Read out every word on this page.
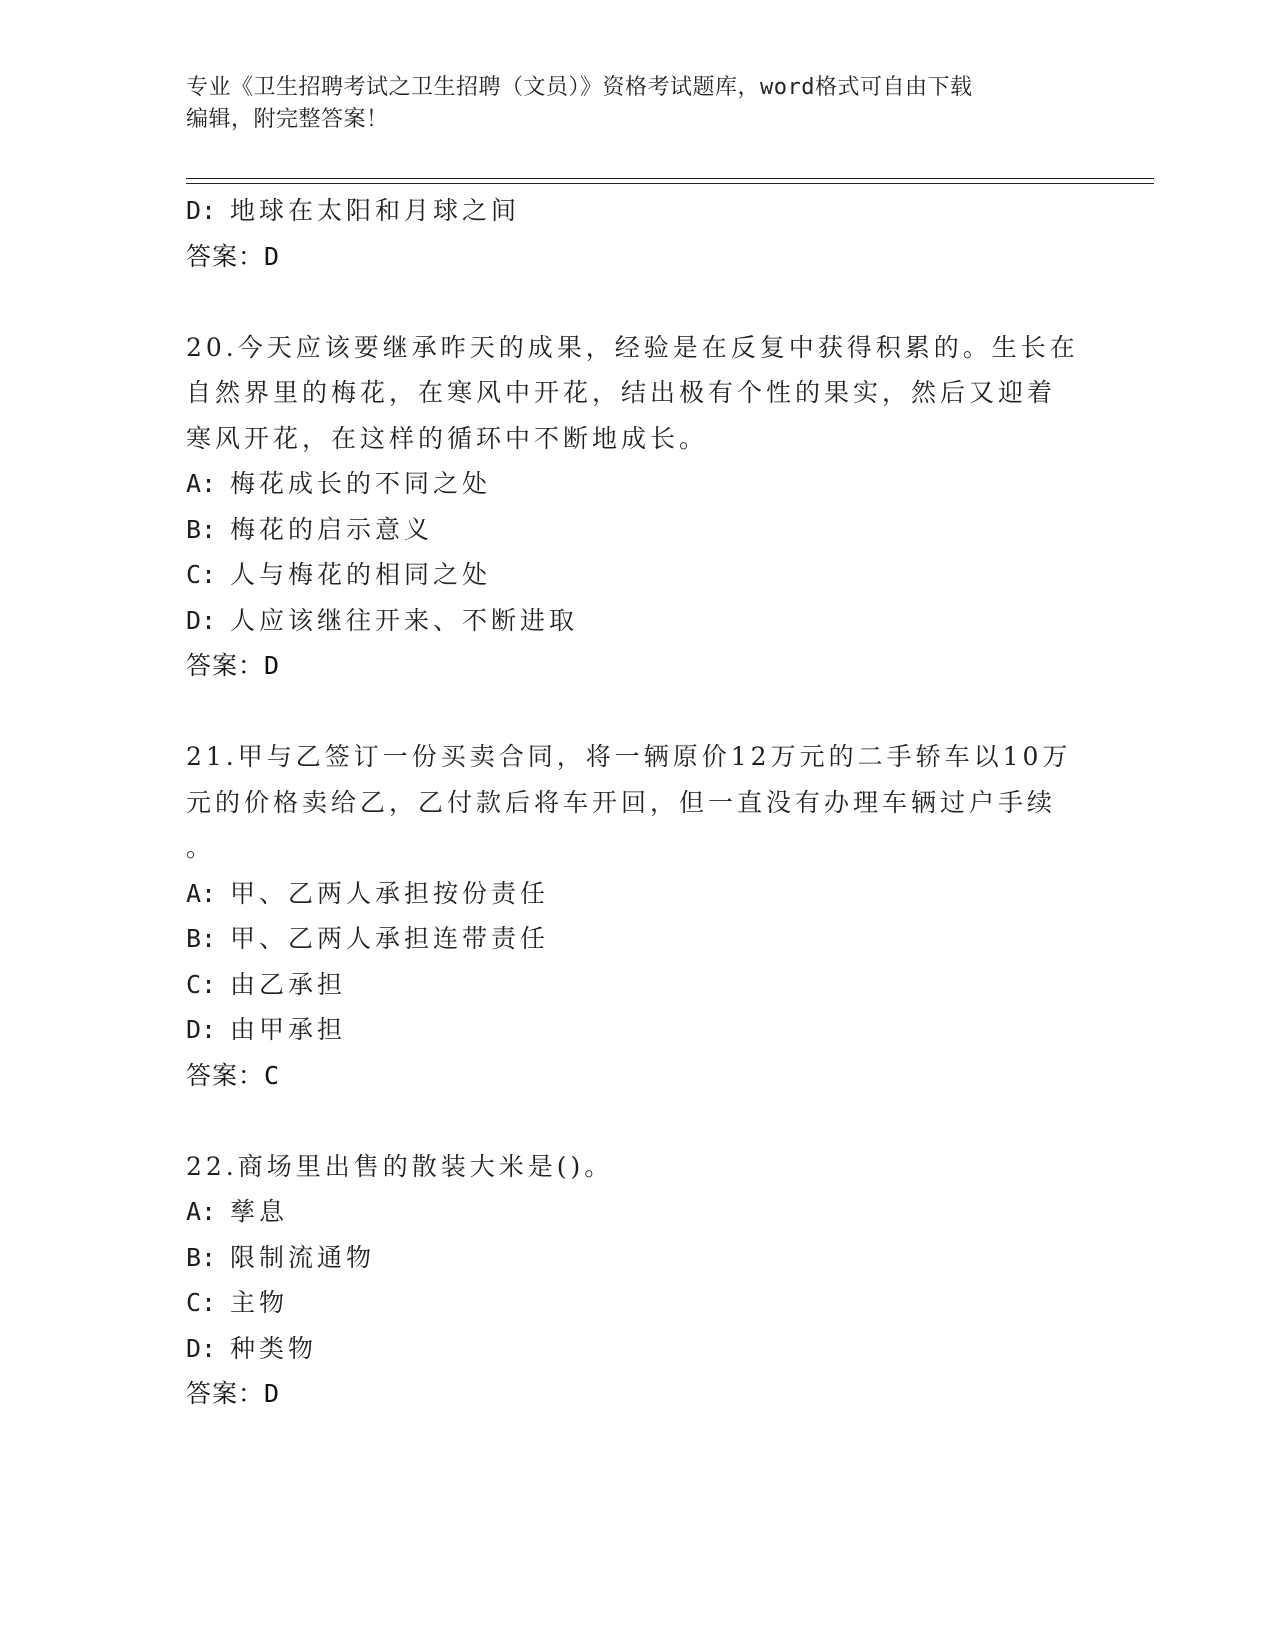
专业《卫生招聘考试之卫生招聘（文员）》资格考试题库，word格式可自由下载
编辑，附完整答案！
D: 地球在太阳和月球之间
答案：D
20.今天应该要继承昨天的成果，经验是在反复中获得积累的。生长在
自然界里的梅花，在寒风中开花，结出极有个性的果实，然后又迎着
寒风开花，在这样的循环中不断地成长。
A: 梅花成长的不同之处
B: 梅花的启示意义
C: 人与梅花的相同之处
D: 人应该继往开来、不断进取
答案：D
21.甲与乙签订一份买卖合同，将一辆原价12万元的二手轿车以10万
元的价格卖给乙，乙付款后将车开回，但一直没有办理车辆过户手续
。
A: 甲、乙两人承担按份责任
B: 甲、乙两人承担连带责任
C: 由乙承担
D: 由甲承担
答案：C
22.商场里出售的散装大米是()。
A: 孳息
B: 限制流通物
C: 主物
D: 种类物
答案：D
